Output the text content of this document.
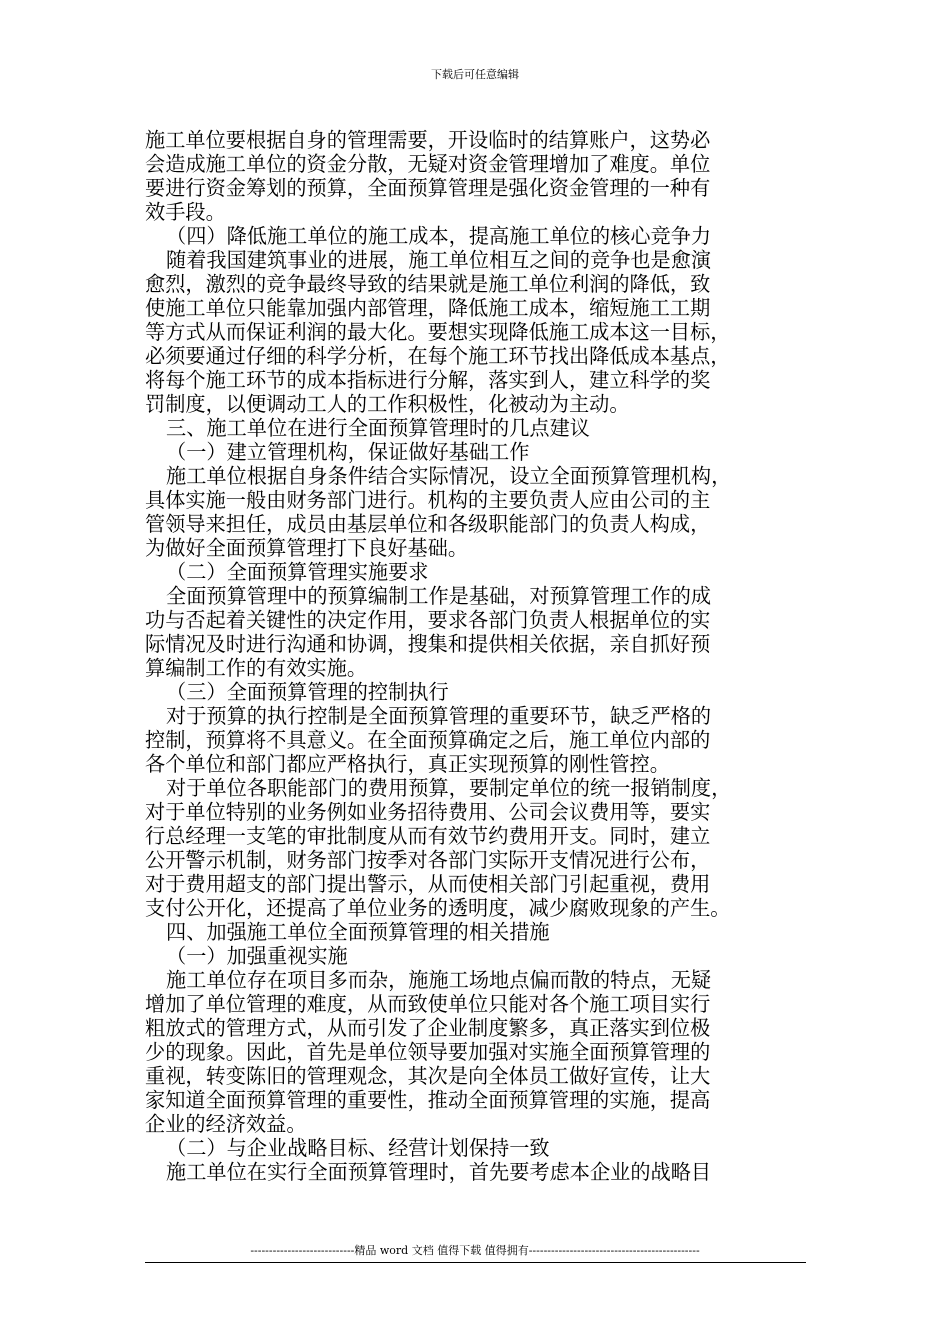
下载后可任意编辑
施工单位要根据自身的管理需要，开设临时的结算账户，这势必
会造成施工单位的资金分散，无疑对资金管理增加了难度。单位
要进行资金筹划的预算，全面预算管理是强化资金管理的一种有
效手段。
（四）降低施工单位的施工成本，提高施工单位的核心竞争力
随着我国建筑事业的进展，施工单位相互之间的竞争也是愈演
愈烈，激烈的竞争最终导致的结果就是施工单位利润的降低，致
使施工单位只能靠加强内部管理，降低施工成本，缩短施工工期
等方式从而保证利润的最大化。要想实现降低施工成本这一目标，
必须要通过仔细的科学分析，在每个施工环节找出降低成本基点，
将每个施工环节的成本指标进行分解，落实到人，建立科学的奖
罚制度，以便调动工人的工作积极性，化被动为主动。
三、施工单位在进行全面预算管理时的几点建议
（一）建立管理机构，保证做好基础工作
施工单位根据自身条件结合实际情况，设立全面预算管理机构，
具体实施一般由财务部门进行。机构的主要负责人应由公司的主
管领导来担任，成员由基层单位和各级职能部门的负责人构成，
为做好全面预算管理打下良好基础。
（二）全面预算管理实施要求
全面预算管理中的预算编制工作是基础，对预算管理工作的成
功与否起着关键性的决定作用，要求各部门负责人根据单位的实
际情况及时进行沟通和协调，搜集和提供相关依据，亲自抓好预
算编制工作的有效实施。
（三）全面预算管理的控制执行
对于预算的执行控制是全面预算管理的重要环节，缺乏严格的
控制，预算将不具意义。在全面预算确定之后，施工单位内部的
各个单位和部门都应严格执行，真正实现预算的刚性管控。
对于单位各职能部门的费用预算，要制定单位的统一报销制度，
对于单位特别的业务例如业务招待费用、公司会议费用等，要实
行总经理一支笔的审批制度从而有效节约费用开支。同时，建立
公开警示机制，财务部门按季对各部门实际开支情况进行公布，
对于费用超支的部门提出警示，从而使相关部门引起重视，费用
支付公开化，还提高了单位业务的透明度，减少腐败现象的产生。
四、加强施工单位全面预算管理的相关措施
（一）加强重视实施
施工单位存在项目多而杂，施施工场地点偏而散的特点，无疑
增加了单位管理的难度，从而致使单位只能对各个施工项目实行
粗放式的管理方式，从而引发了企业制度繁多，真正落实到位极
少的现象。因此，首先是单位领导要加强对实施全面预算管理的
重视，转变陈旧的管理观念，其次是向全体员工做好宣传，让大
家知道全面预算管理的重要性，推动全面预算管理的实施，提高
企业的经济效益。
（二）与企业战略目标、经营计划保持一致
施工单位在实行全面预算管理时，首先要考虑本企业的战略目
----------------------------精品 word 文档 值得下载 值得拥有----------------------------------------------
